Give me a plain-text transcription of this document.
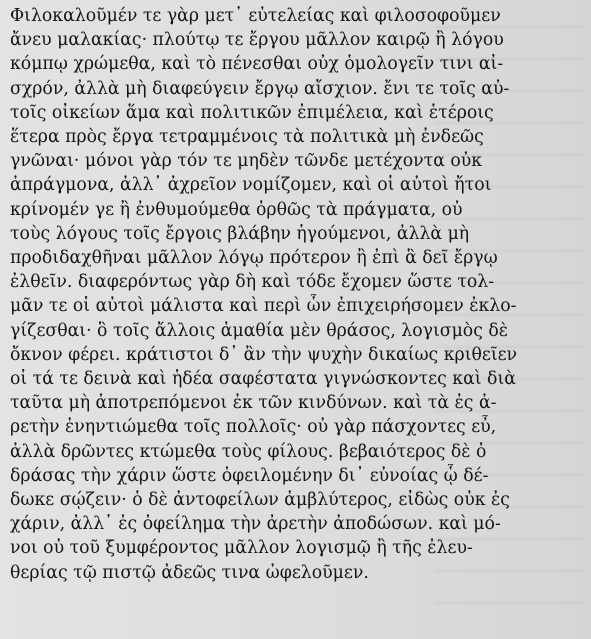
Φιλοκαλοῦμέν τε γὰρ μετ᾽ εὐτελείας καὶ φιλοσοφοῦμεν
ἄνευ μαλακίας· πλούτῳ τε ἔργου μᾶλλον καιρῷ ἢ λόγου
κόμπῳ χρώμεθα, καὶ τὸ πένεσθαι οὐχ ὁμολογεῖν τινι αἰ-
σχρόν, ἀλλὰ μὴ διαφεύγειν ἔργῳ αἴσχιον. ἔνι τε τοῖς αὐ-
τοῖς οἰκείων ἅμα καὶ πολιτικῶν ἐπιμέλεια, καὶ ἑτέροις
ἕτερα πρὸς ἔργα τετραμμένοις τὰ πολιτικὰ μὴ ἐνδεῶς
γνῶναι· μόνοι γὰρ τόν τε μηδὲν τῶνδε μετέχοντα οὐκ
ἀπράγμονα, ἀλλ᾽ ἀχρεῖον νομίζομεν, καὶ οἱ αὐτοὶ ἤτοι
κρίνομέν γε ἢ ἐνθυμούμεθα ὀρθῶς τὰ πράγματα, οὐ
τοὺς λόγους τοῖς ἔργοις βλάβην ἡγούμενοι, ἀλλὰ μὴ
προδιδαχθῆναι μᾶλλον λόγῳ πρότερον ἢ ἐπὶ ἃ δεῖ ἔργῳ
ἐλθεῖν. διαφερόντως γὰρ δὴ καὶ τόδε ἔχομεν ὥστε τολ-
μᾶν τε οἱ αὐτοὶ μάλιστα καὶ περὶ ὧν ἐπιχειρήσομεν ἐκλο-
γίζεσθαι· ὃ τοῖς ἄλλοις ἀμαθία μὲν θράσος, λογισμὸς δὲ
ὄκνον φέρει. κράτιστοι δ᾽ ἂν τὴν ψυχὴν δικαίως κριθεῖεν
οἱ τά τε δεινὰ καὶ ἡδέα σαφέστατα γιγνώσκοντες καὶ διὰ
ταῦτα μὴ ἀποτρεπόμενοι ἐκ τῶν κινδύνων. καὶ τὰ ἐς ἀ-
ρετὴν ἐνηντιώμεθα τοῖς πολλοῖς· οὐ γὰρ πάσχοντες εὖ,
ἀλλὰ δρῶντες κτώμεθα τοὺς φίλους. βεβαιότερος δὲ ὁ
δράσας τὴν χάριν ὥστε ὀφειλομένην δι᾽ εὐνοίας ᾧ δέ-
δωκε σῴζειν· ὁ δὲ ἀντοφείλων ἀμβλύτερος, εἰδὼς οὐκ ἐς
χάριν, ἀλλ᾽ ἐς ὀφείλημα τὴν ἀρετὴν ἀποδώσων. καὶ μό-
νοι οὐ τοῦ ξυμφέροντος μᾶλλον λογισμῷ ἢ τῆς ἐλευ-
θερίας τῷ πιστῷ ἀδεῶς τινα ὠφελοῦμεν.
